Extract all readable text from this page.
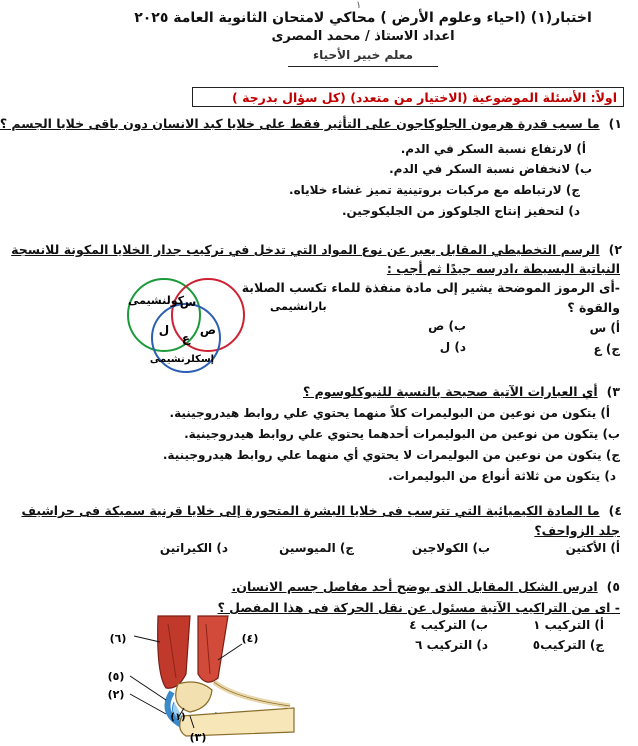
١
اختبار(١) (احياء وعلوم الأرض ) محاكي لامتحان الثانوية العامة ٢٠٢٥
اعداد الاستاذ / محمد المصرى
معلم خبير الأحياء
اولاً: الأسئلة الموضوعية (الاختيار من متعدد) (كل سؤال بدرجة )
١) ما سبب قدرة هرمون الجلوكاجون على التأثير فقط على خلايا كبد الانسان دون باقى خلايا الجسم ؟
أ) لارتفاع نسبة السكر في الدم.
ب) لانخفاض نسبة السكر في الدم.
ج) لارتباطه مع مركبات بروتينية تميز غشاء خلاياه.
د) لتحفيز إنتاج الجلوكوز من الجليكوجين.
٢) الرسم التخطيطي المقابل يعبر عن نوع المواد التي تدخل في تركيب جدار الخلايا المكونة للانسجة
النباتية البسيطة ،ادرسه جيدًا ثم أجب :
-أى الرموز الموضحة يشير إلى مادة منفذة للماء تكسب الصلابة
والقوة ؟
أ) س
ب) ص
ج) ع
د) ل
بارانشيمى
كولنشيمى
إسكلرنشيمى
س
ص
ل
ع
٣) أي العبارات الآتية صحيحة بالنسبة للنيوكلوسوم ؟
أ) يتكون من نوعين من البوليمرات كلاً منهما يحتوي علي روابط هيدروجينية.
ب) يتكون من نوعين من البوليمرات أحدهما يحتوي علي روابط هيدروجينية.
ج) يتكون من نوعين من البوليمرات لا يحتوي أي منهما علي روابط هيدروجينية.
د) يتكون من ثلاثة أنواع من البوليمرات.
٤) ما المادة الكيميائية التي تترسب فى خلايا البشرة المتحورة إلى خلايا قرنية سميكة فى حراشيف
جلد الزواحف؟
أ) الأكتين
ب) الكولاجين
ج) الميوسين
د) الكيراتين
٥) ادرس الشكل المقابل الذى يوضح أحد مفاصل جسم الانسان.
- اى من التراكيب الآتية مسئول عن نقل الحركة فى هذا المفصل ؟
أ) التركيب ١
ب) التركيب ٤
ج) التركيب٥
د) التركيب ٦
(٦)	(٤)
(٥)
(٢)
(١)
(٣)
